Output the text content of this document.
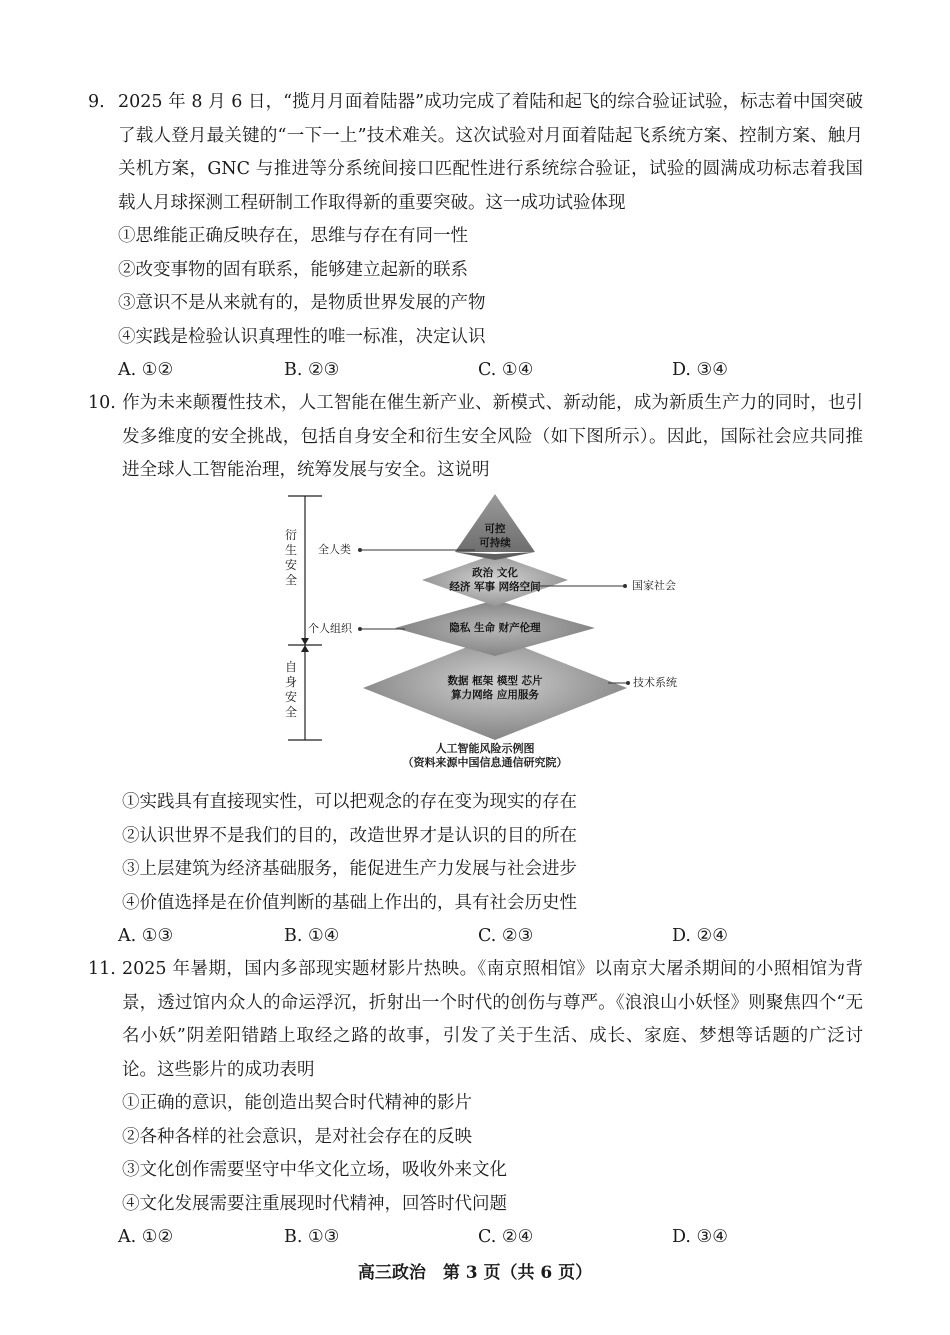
9. 2025 年 8 月 6 日，“揽月月面着陆器”成功完成了着陆和起飞的综合验证试验，标志着中国突破了载人登月最关键的“一下一上”技术难关。这次试验对月面着陆起飞系统方案、控制方案、触月关机方案，GNC 与推进等分系统间接口匹配性进行系统综合验证，试验的圆满成功标志着我国载人月球探测工程研制工作取得新的重要突破。这一成功试验体现

①思维能正确反映存在，思维与存在有同一性

②改变事物的固有联系，能够建立起新的联系

③意识不是从来就有的，是物质世界发展的产物

④实践是检验认识真理性的唯一标准，决定认识

A. ①②	B. ②③	C. ①④	D. ③④

10. 作为未来颠覆性技术，人工智能在催生新产业、新模式、新动能，成为新质生产力的同时，也引发多维度的安全挑战，包括自身安全和衍生安全风险（如下图所示）。因此，国际社会应共同推进全球人工智能治理，统筹发展与安全。这说明

衍生安全
自身安全
全人类
个人组织
国家社会
技术系统
可控
可持续
政治 文化
经济 军事 网络空间
隐私 生命 财产伦理
数据 框架 模型 芯片
算力网络 应用服务
人工智能风险示例图
（资料来源中国信息通信研究院）

①实践具有直接现实性，可以把观念的存在变为现实的存在

②认识世界不是我们的目的，改造世界才是认识的目的所在

③上层建筑为经济基础服务，能促进生产力发展与社会进步

④价值选择是在价值判断的基础上作出的，具有社会历史性

A. ①③	B. ①④	C. ②③	D. ②④

11. 2025 年暑期，国内多部现实题材影片热映。《南京照相馆》以南京大屠杀期间的小照相馆为背景，透过馆内众人的命运浮沉，折射出一个时代的创伤与尊严。《浪浪山小妖怪》则聚焦四个“无名小妖”阴差阳错踏上取经之路的故事，引发了关于生活、成长、家庭、梦想等话题的广泛讨论。这些影片的成功表明

①正确的意识，能创造出契合时代精神的影片

②各种各样的社会意识，是对社会存在的反映

③文化创作需要坚守中华文化立场，吸收外来文化

④文化发展需要注重展现时代精神，回答时代问题

A. ①②	B. ①③	C. ②④	D. ③④
高三政治　第 3 页（共 6 页）
